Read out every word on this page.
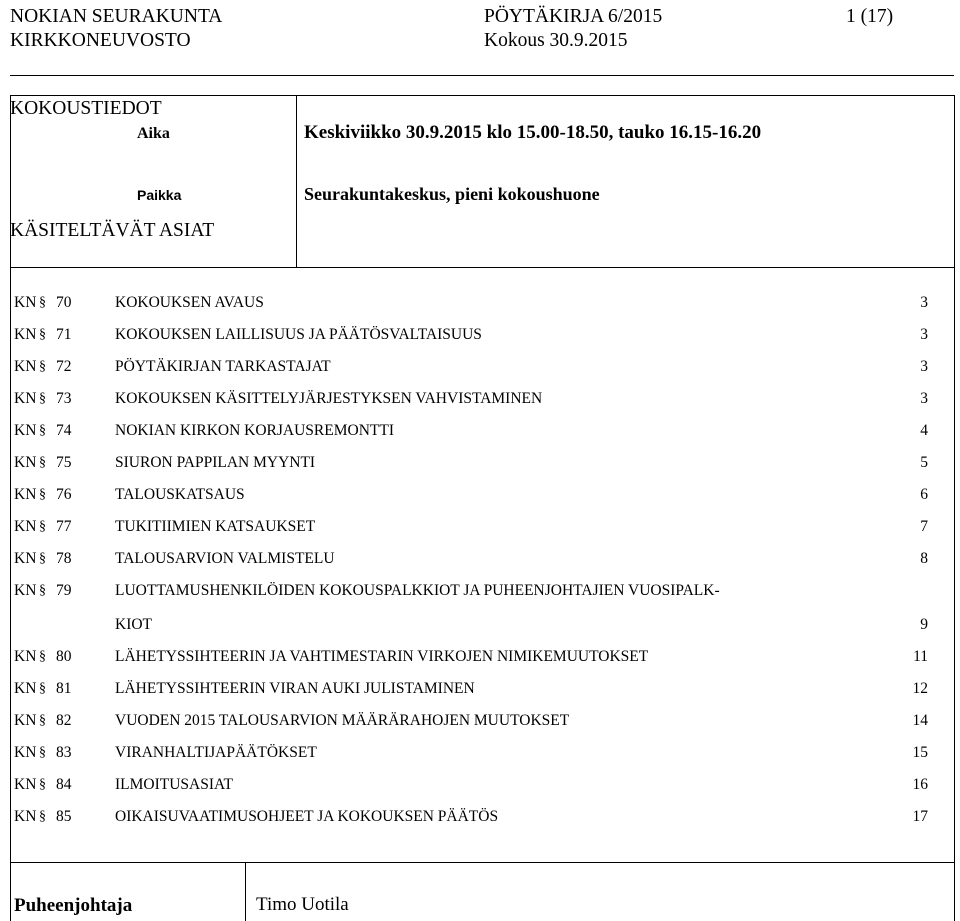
NOKIAN SEURAKUNTA
KIRKKONEUVOSTO
PÖYTÄKIRJA 6/2015
Kokous 30.9.2015
1 (17)
KOKOUSTIEDOT
Aika	Keskiviikko 30.9.2015 klo 15.00-18.50, tauko 16.15-16.20
Paikka	Seurakuntakeskus, pieni kokoushuone
KÄSITELTÄVÄT ASIAT
KN § 70	KOKOUKSEN AVAUS	3
KN § 71	KOKOUKSEN LAILLISUUS JA PÄÄTÖSVALTAISUUS	3
KN § 72	PÖYTÄKIRJAN TARKASTAJAT	3
KN § 73	KOKOUKSEN KÄSITTELYJÄRJESTYKSEN VAHVISTAMINEN	3
KN § 74	NOKIAN KIRKON KORJAUSREMONTTI	4
KN § 75	SIURON PAPPILAN MYYNTI	5
KN § 76	TALOUSKATSAUS	6
KN § 77	TUKITIIMIEN KATSAUKSET	7
KN § 78	TALOUSARVION VALMISTELU	8
KN § 79	LUOTTAMUSHENKILÖIDEN KOKOUSPALKKIOT JA PUHEENJOHTAJIEN VUOSIPALK-
KIOT	9
KN § 80	LÄHETYSSIHTEERIN JA VAHTIMESTARIN VIRKOJEN NIMIKEMUUTOKSET	11
KN § 81	LÄHETYSSIHTEERIN VIRAN AUKI JULISTAMINEN	12
KN § 82	VUODEN 2015 TALOUSARVION MÄÄRÄRAHOJEN MUUTOKSET	14
KN § 83	VIRANHALTIJAPÄÄTÖKSET	15
KN § 84	ILMOITUSASIAT	16
KN § 85	OIKAISUVAATIMUSOHJEET JA KOKOUKSEN PÄÄTÖS	17
Puheenjohtaja	Timo Uotila
